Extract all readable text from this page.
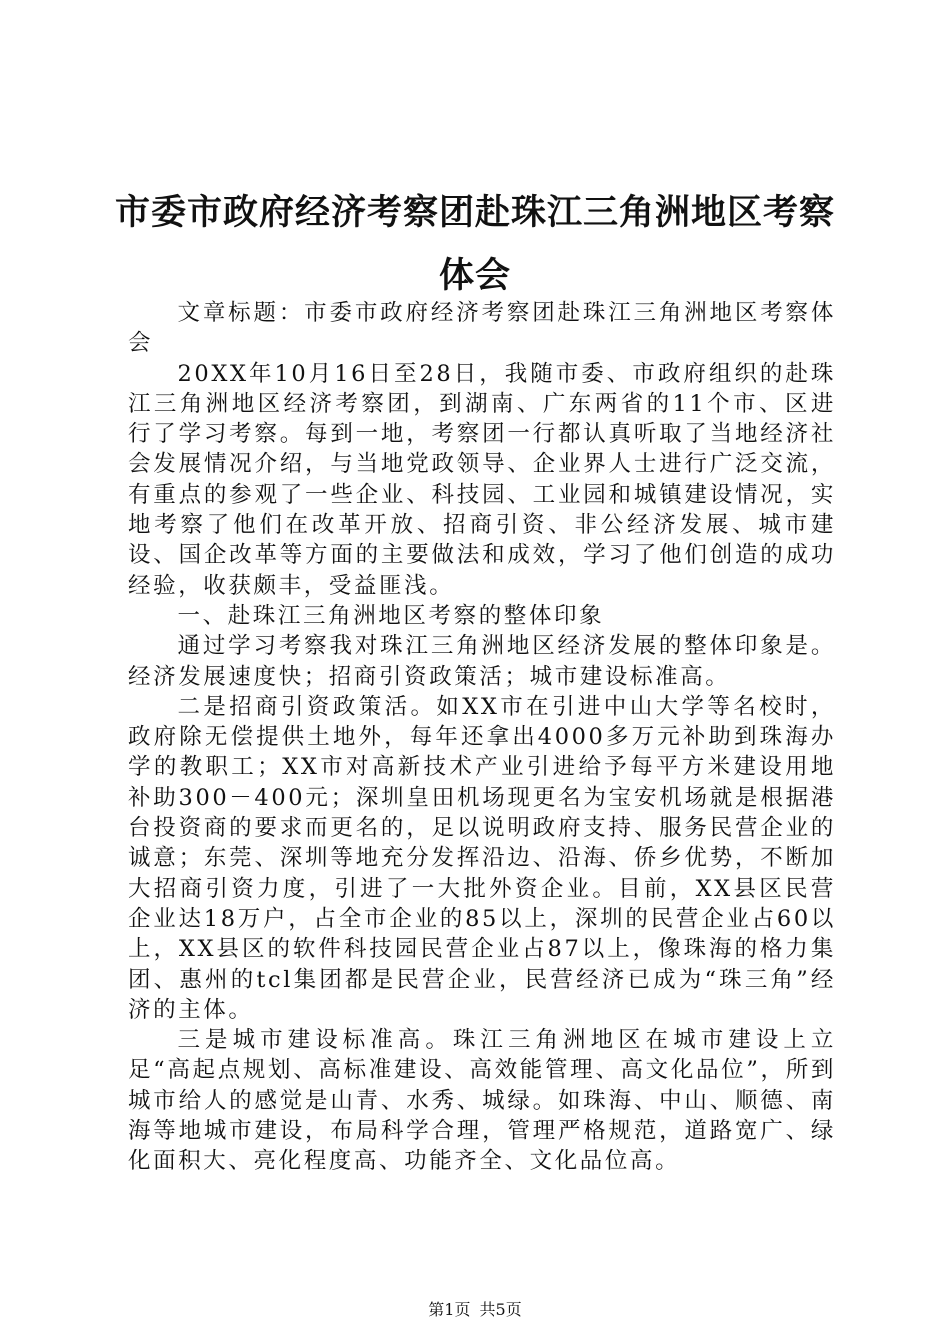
市委市政府经济考察团赴珠江三角洲地区考察体会

文章标题：市委市政府经济考察团赴珠江三角洲地区考察体会

20XX年10月16日至28日，我随市委、市政府组织的赴珠江三角洲地区经济考察团，到湖南、广东两省的11个市、区进行了学习考察。每到一地，考察团一行都认真听取了当地经济社会发展情况介绍，与当地党政领导、企业界人士进行广泛交流，有重点的参观了一些企业、科技园、工业园和城镇建设情况，实地考察了他们在改革开放、招商引资、非公经济发展、城市建设、国企改革等方面的主要做法和成效，学习了他们创造的成功经验，收获颇丰，受益匪浅。

一、赴珠江三角洲地区考察的整体印象

通过学习考察我对珠江三角洲地区经济发展的整体印象是。经济发展速度快；招商引资政策活；城市建设标准高。

二是招商引资政策活。如XX市在引进中山大学等名校时，政府除无偿提供土地外，每年还拿出4000多万元补助到珠海办学的教职工；XX市对高新技术产业引进给予每平方米建设用地补助300－400元；深圳皇田机场现更名为宝安机场就是根据港台投资商的要求而更名的，足以说明政府支持、服务民营企业的诚意；东莞、深圳等地充分发挥沿边、沿海、侨乡优势，不断加大招商引资力度，引进了一大批外资企业。目前，XX县区民营企业达18万户，占全市企业的85以上，深圳的民营企业占60以上，XX县区的软件科技园民营企业占87以上，像珠海的格力集团、惠州的tcl集团都是民营企业，民营经济已成为“珠三角”经济的主体。

三是城市建设标准高。珠江三角洲地区在城市建设上立足“高起点规划、高标准建设、高效能管理、高文化品位”，所到城市给人的感觉是山青、水秀、城绿。如珠海、中山、顺德、南海等地城市建设，布局科学合理，管理严格规范，道路宽广、绿化面积大、亮化程度高、功能齐全、文化品位高。

第1页 共5页
